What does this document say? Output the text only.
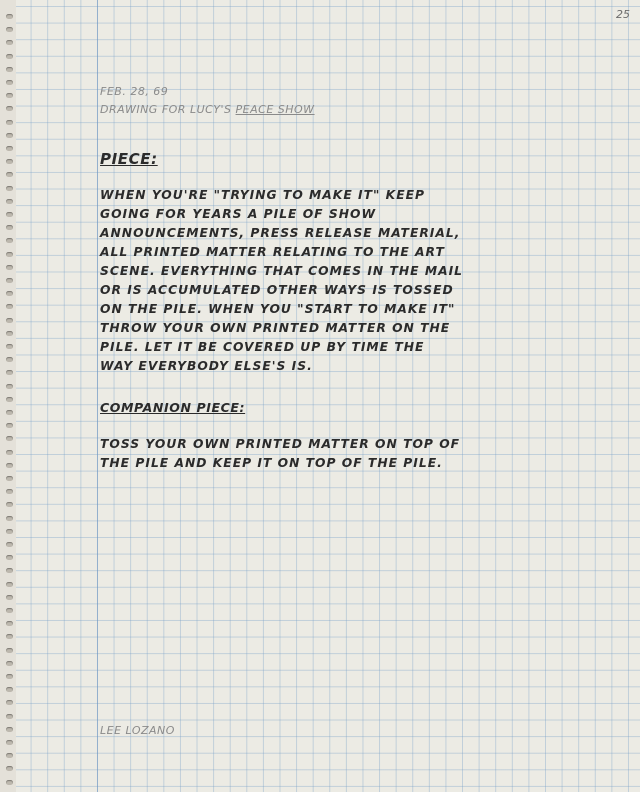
25
FEB. 28, 69
DRAWING FOR LUCY'S PEACE SHOW
PIECE:
WHEN YOU'RE "TRYING TO MAKE IT" KEEP
GOING FOR YEARS A PILE OF SHOW
ANNOUNCEMENTS, PRESS RELEASE MATERIAL,
ALL PRINTED MATTER RELATING TO THE ART
SCENE. EVERYTHING THAT COMES IN THE MAIL
OR IS ACCUMULATED OTHER WAYS IS TOSSED
ON THE PILE. WHEN YOU "START TO MAKE IT"
THROW YOUR OWN PRINTED MATTER ON THE
PILE. LET IT BE COVERED UP BY TIME THE
WAY EVERYBODY ELSE'S IS.
COMPANION PIECE:
TOSS YOUR OWN PRINTED MATTER ON TOP OF
THE PILE AND KEEP IT ON TOP OF THE PILE.
LEE LOZANO
